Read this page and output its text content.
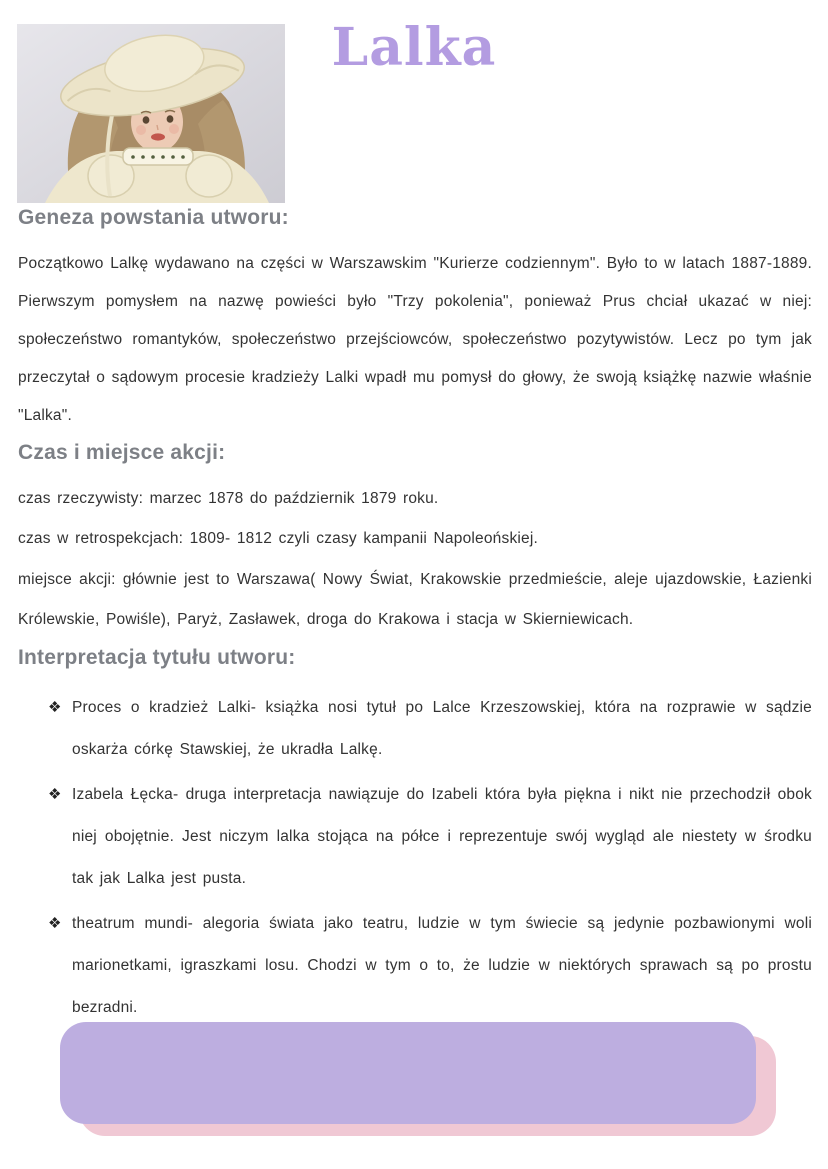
Lalka
Geneza powstania utworu:

Początkowo Lalkę wydawano na części w Warszawskim "Kurierze codziennym". Było to w latach 1887-1889. Pierwszym pomysłem na nazwę powieści było "Trzy pokolenia", ponieważ Prus chciał ukazać w niej: społeczeństwo romantyków, społeczeństwo przejściowców, społeczeństwo pozytywistów. Lecz po tym jak przeczytał o sądowym procesie kradzieży Lalki wpadł mu pomysł do głowy, że swoją książkę nazwie właśnie "Lalka".

Czas i miejsce akcji:

czas rzeczywisty: marzec 1878 do październik 1879 roku.

czas w retrospekcjach: 1809- 1812 czyli czasy kampanii Napoleońskiej.

miejsce akcji: głównie jest to Warszawa( Nowy Świat, Krakowskie przedmieście, aleje ujazdowskie, Łazienki Królewskie, Powiśle), Paryż, Zasławek, droga do Krakowa i stacja w Skierniewicach.

Interpretacja tytułu utworu:
❖ Proces o kradzież Lalki- książka nosi tytuł po Lalce Krzeszowskiej, która na rozprawie w sądzie oskarża córkę Stawskiej, że ukradła Lalkę.
❖ Izabela Łęcka- druga interpretacja nawiązuje do Izabeli która była piękna i nikt nie przechodził obok niej obojętnie. Jest niczym lalka stojąca na półce i reprezentuje swój wygląd ale niestety w środku tak jak Lalka jest pusta.
❖ theatrum mundi- alegoria świata jako teatru, ludzie w tym świecie są jedynie pozbawionymi woli marionetkami, igraszkami losu. Chodzi w tym o to, że ludzie w niektórych sprawach są po prostu bezradni.
